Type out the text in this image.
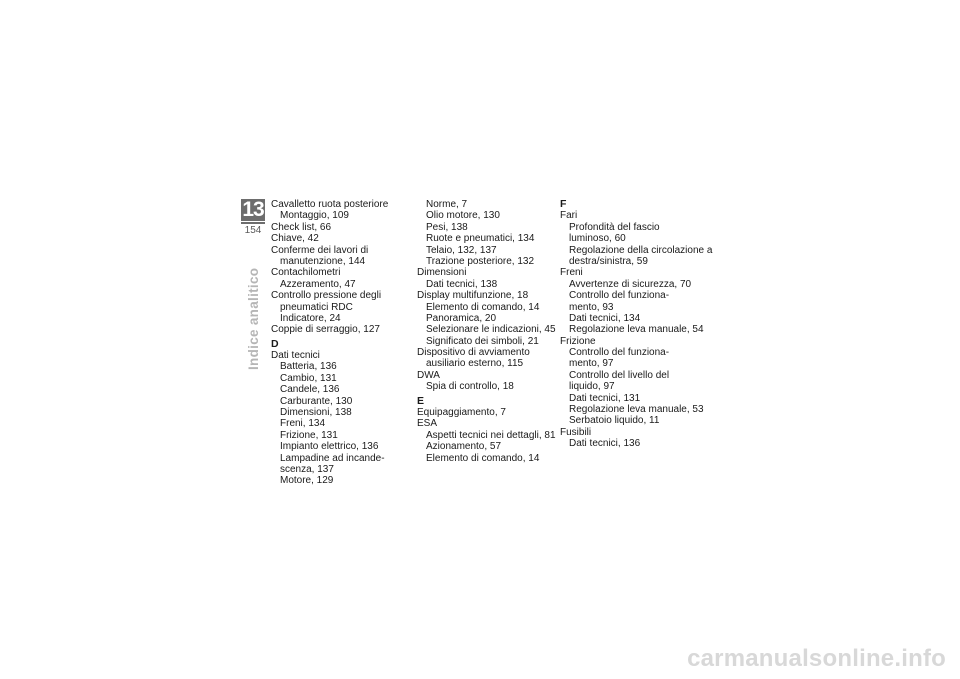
13
154
Indice analitico
Cavalletto ruota posteriore
Montaggio, 109
Check list, 66
Chiave, 42
Conferme dei lavori di
manutenzione, 144
Contachilometri
Azzeramento, 47
Controllo pressione degli
pneumatici RDC
Indicatore, 24
Coppie di serraggio, 127
D
Dati tecnici
Batteria, 136
Cambio, 131
Candele, 136
Carburante, 130
Dimensioni, 138
Freni, 134
Frizione, 131
Impianto elettrico, 136
Lampadine ad incande-
scenza, 137
Motore, 129
Norme, 7
Olio motore, 130
Pesi, 138
Ruote e pneumatici, 134
Telaio, 132, 137
Trazione posteriore, 132
Dimensioni
Dati tecnici, 138
Display multifunzione, 18
Elemento di comando, 14
Panoramica, 20
Selezionare le indicazioni, 45
Significato dei simboli, 21
Dispositivo di avviamento
ausiliario esterno, 115
DWA
Spia di controllo, 18
E
Equipaggiamento, 7
ESA
Aspetti tecnici nei dettagli, 81
Azionamento, 57
Elemento di comando, 14
F
Fari
Profondità del fascio
luminoso, 60
Regolazione della circolazione a
destra/sinistra, 59
Freni
Avvertenze di sicurezza, 70
Controllo del funziona-
mento, 93
Dati tecnici, 134
Regolazione leva manuale, 54
Frizione
Controllo del funziona-
mento, 97
Controllo del livello del
liquido, 97
Dati tecnici, 131
Regolazione leva manuale, 53
Serbatoio liquido, 11
Fusibili
Dati tecnici, 136
carmanualsonline.info
